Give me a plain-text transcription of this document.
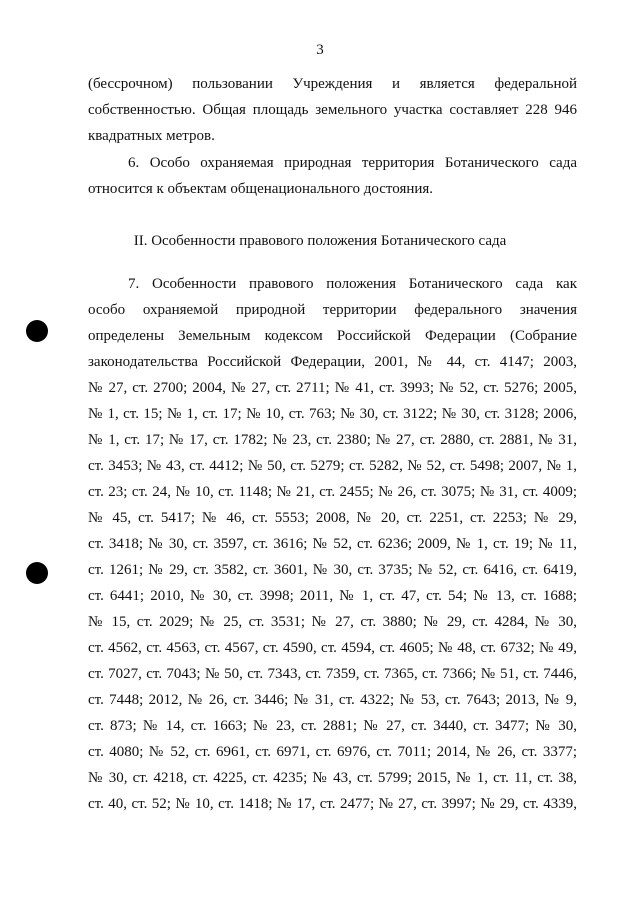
3
(бессрочном) пользовании Учреждения и является федеральной
собственностью. Общая площадь земельного участка составляет 228 946
квадратных метров.
6. Особо охраняемая природная территория Ботанического сада
относится к объектам общенационального достояния.
II. Особенности правового положения Ботанического сада
7. Особенности правового положения Ботанического сада как
особо охраняемой природной территории федерального значения
определены Земельным кодексом Российской Федерации (Собрание
законодательства Российской Федерации, 2001, № 44, ст. 4147; 2003,
№ 27, ст. 2700; 2004, № 27, ст. 2711; № 41, ст. 3993; № 52, ст. 5276; 2005,
№ 1, ст. 15; № 1, ст. 17; № 10, ст. 763; № 30, ст. 3122; № 30, ст. 3128; 2006,
№ 1, ст. 17; № 17, ст. 1782; № 23, ст. 2380; № 27, ст. 2880, ст. 2881, № 31,
ст. 3453; № 43, ст. 4412; № 50, ст. 5279; ст. 5282, № 52, ст. 5498; 2007, № 1,
ст. 23; ст. 24, № 10, ст. 1148; № 21, ст. 2455; № 26, ст. 3075; № 31, ст. 4009;
№ 45, ст. 5417; № 46, ст. 5553; 2008, № 20, ст. 2251, ст. 2253; № 29,
ст. 3418; № 30, ст. 3597, ст. 3616; № 52, ст. 6236; 2009, № 1, ст. 19; № 11,
ст. 1261; № 29, ст. 3582, ст. 3601, № 30, ст. 3735; № 52, ст. 6416, ст. 6419,
ст. 6441; 2010, № 30, ст. 3998; 2011, № 1, ст. 47, ст. 54; № 13, ст. 1688;
№ 15, ст. 2029; № 25, ст. 3531; № 27, ст. 3880; № 29, ст. 4284, № 30,
ст. 4562, ст. 4563, ст. 4567, ст. 4590, ст. 4594, ст. 4605; № 48, ст. 6732; № 49,
ст. 7027, ст. 7043; № 50, ст. 7343, ст. 7359, ст. 7365, ст. 7366; № 51, ст. 7446,
ст. 7448; 2012, № 26, ст. 3446; № 31, ст. 4322; № 53, ст. 7643; 2013, № 9,
ст. 873; № 14, ст. 1663; № 23, ст. 2881; № 27, ст. 3440, ст. 3477; № 30,
ст. 4080; № 52, ст. 6961, ст. 6971, ст. 6976, ст. 7011; 2014, № 26, ст. 3377;
№ 30, ст. 4218, ст. 4225, ст. 4235; № 43, ст. 5799; 2015, № 1, ст. 11, ст. 38,
ст. 40, ст. 52; № 10, ст. 1418; № 17, ст. 2477; № 27, ст. 3997; № 29, ст. 4339,
